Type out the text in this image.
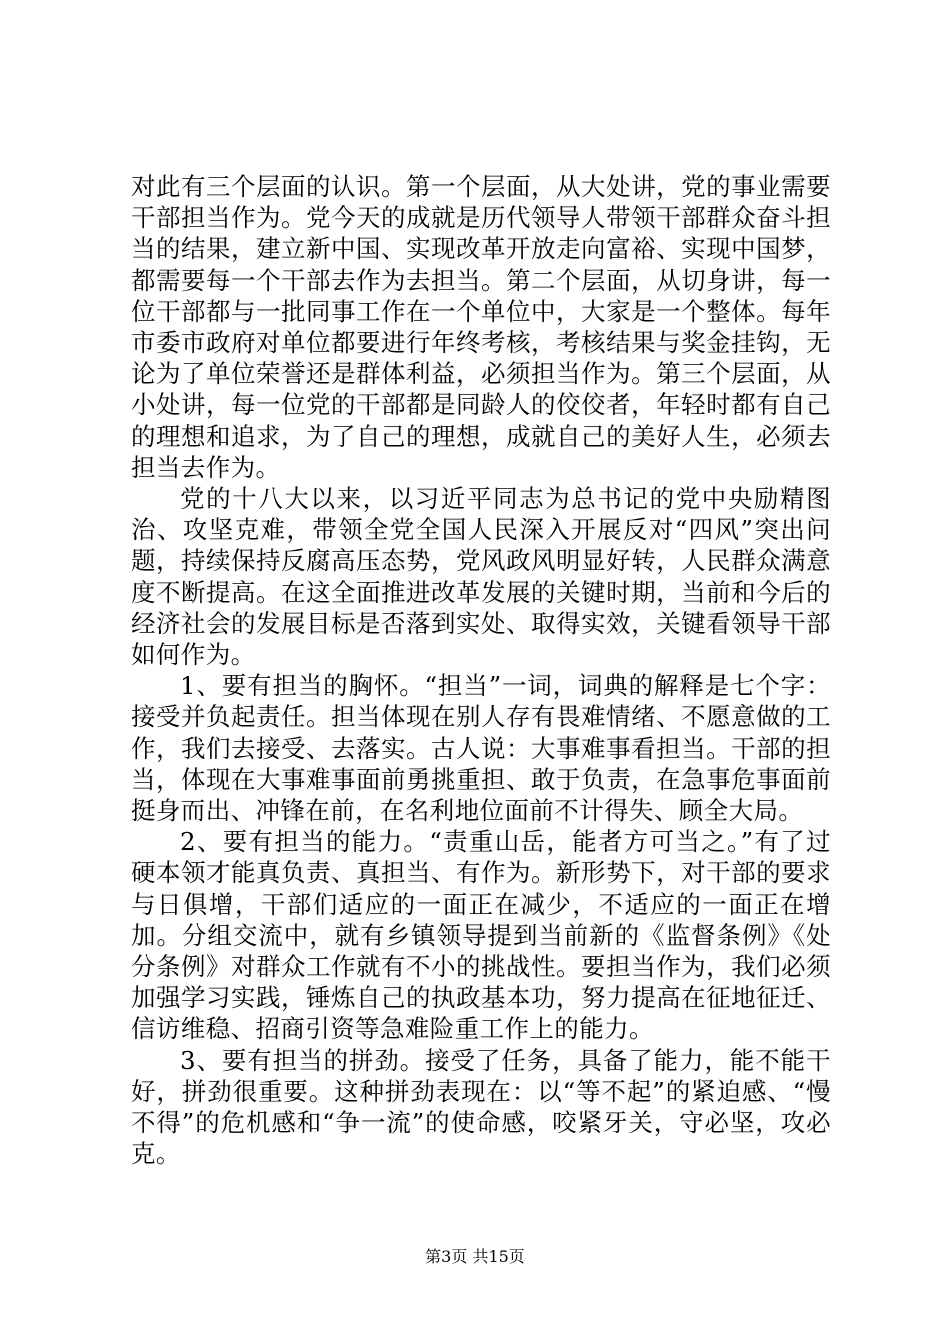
对此有三个层面的认识。第一个层面，从大处讲，党的事业需要干部担当作为。党今天的成就是历代领导人带领干部群众奋斗担当的结果，建立新中国、实现改革开放走向富裕、实现中国梦，都需要每一个干部去作为去担当。第二个层面，从切身讲，每一位干部都与一批同事工作在一个单位中，大家是一个整体。每年市委市政府对单位都要进行年终考核，考核结果与奖金挂钩，无论为了单位荣誉还是群体利益，必须担当作为。第三个层面，从小处讲，每一位党的干部都是同龄人的佼佼者，年轻时都有自己的理想和追求，为了自己的理想，成就自己的美好人生，必须去担当去作为。

党的十八大以来，以习近平同志为总书记的党中央励精图治、攻坚克难，带领全党全国人民深入开展反对“四风”突出问题，持续保持反腐高压态势，党风政风明显好转，人民群众满意度不断提高。在这全面推进改革发展的关键时期，当前和今后的经济社会的发展目标是否落到实处、取得实效，关键看领导干部如何作为。

1、要有担当的胸怀。“担当”一词，词典的解释是七个字：接受并负起责任。担当体现在别人存有畏难情绪、不愿意做的工作，我们去接受、去落实。古人说：大事难事看担当。干部的担当，体现在大事难事面前勇挑重担、敢于负责，在急事危事面前挺身而出、冲锋在前，在名利地位面前不计得失、顾全大局。

2、要有担当的能力。“责重山岳，能者方可当之。”有了过硬本领才能真负责、真担当、有作为。新形势下，对干部的要求与日俱增，干部们适应的一面正在减少，不适应的一面正在增加。分组交流中，就有乡镇领导提到当前新的《监督条例》《处分条例》对群众工作就有不小的挑战性。要担当作为，我们必须加强学习实践，锤炼自己的执政基本功，努力提高在征地征迁、信访维稳、招商引资等急难险重工作上的能力。

3、要有担当的拼劲。接受了任务，具备了能力，能不能干好，拼劲很重要。这种拼劲表现在：以“等不起”的紧迫感、“慢不得”的危机感和“争一流”的使命感，咬紧牙关，守必坚，攻必克。

第3页 共15页
